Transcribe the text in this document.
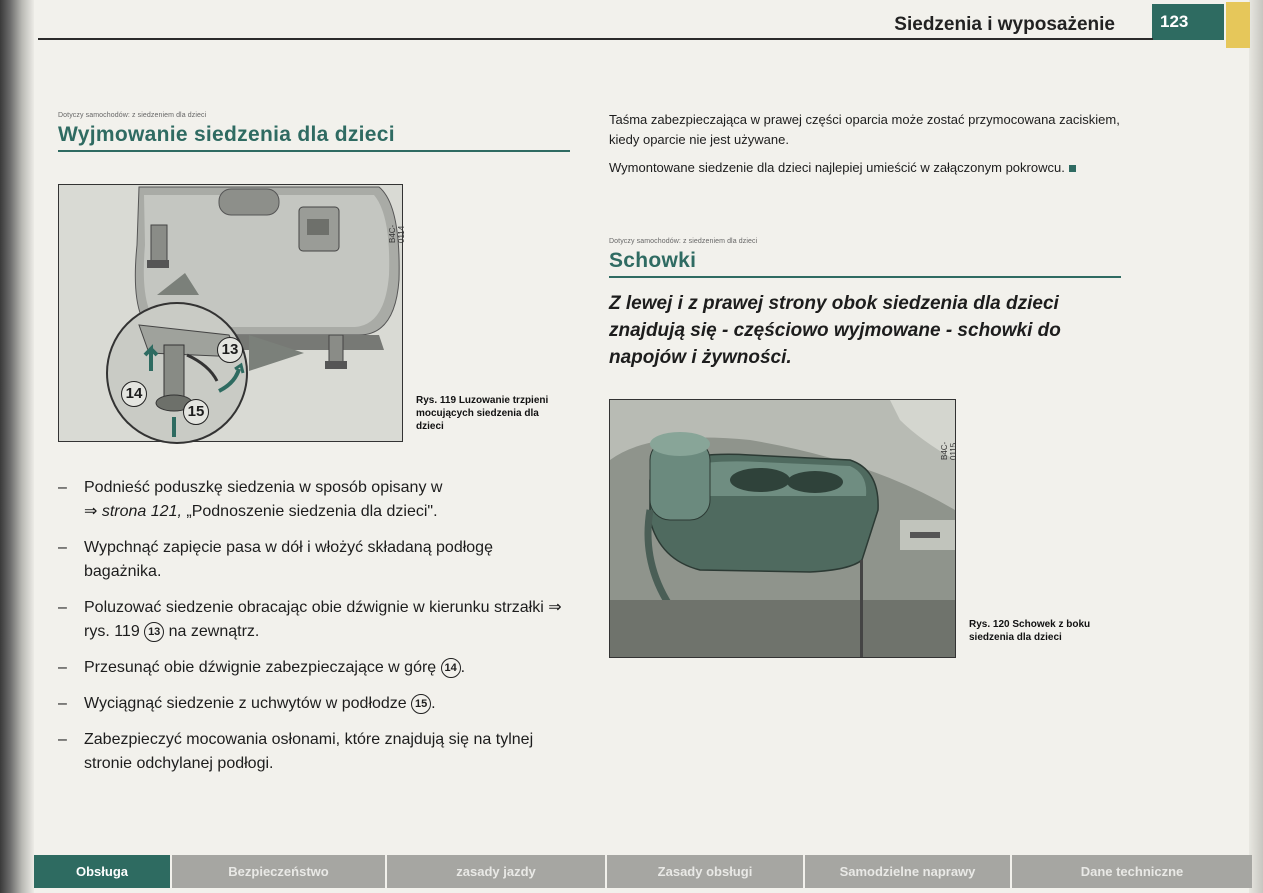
Siedzenia i wyposażenie	123
Dotyczy samochodów: z siedzeniem dla dzieci
Wyjmowanie siedzenia dla dzieci
B4C-0114
13
14
15
Rys. 119 Luzowanie trzpieni mocujących siedzenia dla dzieci
– Podnieść poduszkę siedzenia w sposób opisany w
⇒ strona 121, „Podnoszenie siedzenia dla dzieci".
– Wypchnąć zapięcie pasa w dół i włożyć składaną podłogę bagażnika.
– Poluzować siedzenie obracając obie dźwignie w kierunku strzałki ⇒ rys. 119 13 na zewnątrz.
– Przesunąć obie dźwignie zabezpieczające w górę 14 .
– Wyciągnąć siedzenie z uchwytów w podłodze 15 .
– Zabezpieczyć mocowania osłonami, które znajdują się na tylnej stronie odchylanej podłogi.

Taśma zabezpieczająca w prawej części oparcia może zostać przymocowana zaciskiem, kiedy oparcie nie jest używane.

Wymontowane siedzenie dla dzieci najlepiej umieścić w załączonym pokrowcu.

Dotyczy samochodów: z siedzeniem dla dzieci
Schowki
Z lewej i z prawej strony obok siedzenia dla dzieci znajdują się - częściowo wyjmowane - schowki do napojów i żywności.
B4C-0115
Rys. 120 Schowek z boku siedzenia dla dzieci
Obsługa	Bezpieczeństwo	zasady jazdy	Zasady obsługi	Samodzielne naprawy	Dane techniczne
